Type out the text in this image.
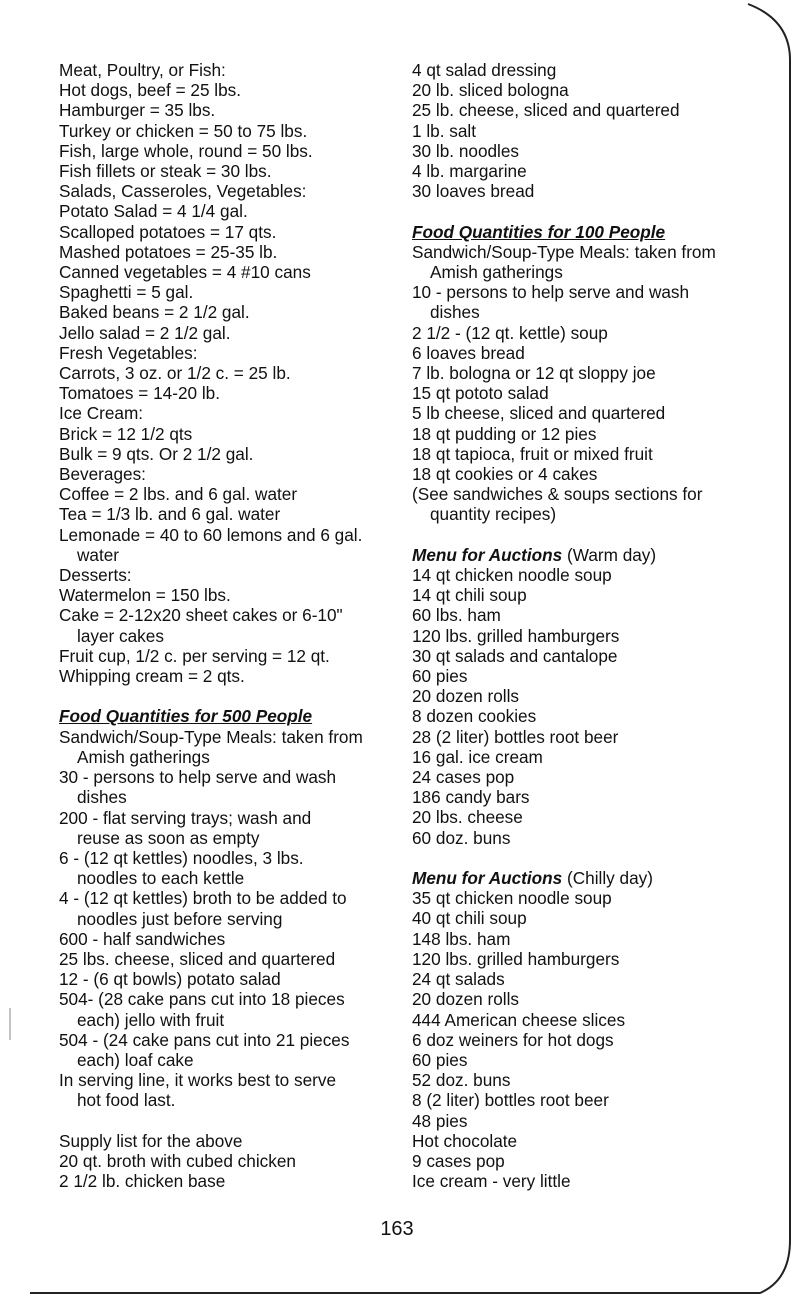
Meat, Poultry, or Fish:
Hot dogs, beef = 25 lbs.
Hamburger = 35 lbs.
Turkey or chicken = 50 to 75 lbs.
Fish, large whole, round = 50 lbs.
Fish fillets or steak = 30 lbs.
Salads, Casseroles, Vegetables:
Potato Salad = 4 1/4 gal.
Scalloped potatoes = 17 qts.
Mashed potatoes = 25-35 lb.
Canned vegetables = 4 #10 cans
Spaghetti = 5 gal.
Baked beans = 2 1/2 gal.
Jello salad = 2 1/2 gal.
Fresh Vegetables:
Carrots, 3 oz. or 1/2 c. = 25 lb.
Tomatoes = 14-20 lb.
Ice Cream:
Brick = 12 1/2 qts
Bulk = 9 qts. Or 2 1/2 gal.
Beverages:
Coffee = 2 lbs. and 6 gal. water
Tea = 1/3 lb. and 6 gal. water
Lemonade = 40 to 60 lemons and 6 gal.
water
Desserts:
Watermelon = 150 lbs.
Cake = 2-12x20 sheet cakes or 6-10"
layer cakes
Fruit cup, 1/2 c. per serving = 12 qt.
Whipping cream = 2 qts.
Food Quantities for 500 People
Sandwich/Soup-Type Meals: taken from
Amish gatherings
30 - persons to help serve and wash
dishes
200 - flat serving trays; wash and
reuse as soon as empty
6 - (12 qt kettles) noodles, 3 lbs.
noodles to each kettle
4 - (12 qt kettles) broth to be added to
noodles just before serving
600 - half sandwiches
25 lbs. cheese, sliced and quartered
12 - (6 qt bowls) potato salad
504- (28 cake pans cut into 18 pieces
each) jello with fruit
504 - (24 cake pans cut into 21 pieces
each) loaf cake
In serving line, it works best to serve
hot food last.
Supply list for the above
20 qt. broth with cubed chicken
2 1/2 lb. chicken base
4 qt salad dressing
20 lb. sliced bologna
25 lb. cheese, sliced and quartered
1 lb. salt
30 lb. noodles
4 lb. margarine
30 loaves bread
Food Quantities for 100 People
Sandwich/Soup-Type Meals: taken from
Amish gatherings
10 - persons to help serve and wash
dishes
2 1/2 - (12 qt. kettle) soup
6 loaves bread
7 lb. bologna or 12 qt sloppy joe
15 qt pototo salad
5 lb cheese, sliced and quartered
18 qt pudding or 12 pies
18 qt tapioca, fruit or mixed fruit
18 qt cookies or 4 cakes
(See sandwiches & soups sections for
quantity recipes)
Menu for Auctions (Warm day)
14 qt chicken noodle soup
14 qt chili soup
60 lbs. ham
120 lbs. grilled hamburgers
30 qt salads and cantalope
60 pies
20 dozen rolls
8 dozen cookies
28 (2 liter) bottles root beer
16 gal. ice cream
24 cases pop
186 candy bars
20 lbs. cheese
60 doz. buns
Menu for Auctions (Chilly day)
35 qt chicken noodle soup
40 qt chili soup
148 lbs. ham
120 lbs. grilled hamburgers
24 qt salads
20 dozen rolls
444 American cheese slices
6 doz weiners for hot dogs
60 pies
52 doz. buns
8 (2 liter) bottles root beer
48 pies
Hot chocolate
9 cases pop
Ice cream - very little
163
